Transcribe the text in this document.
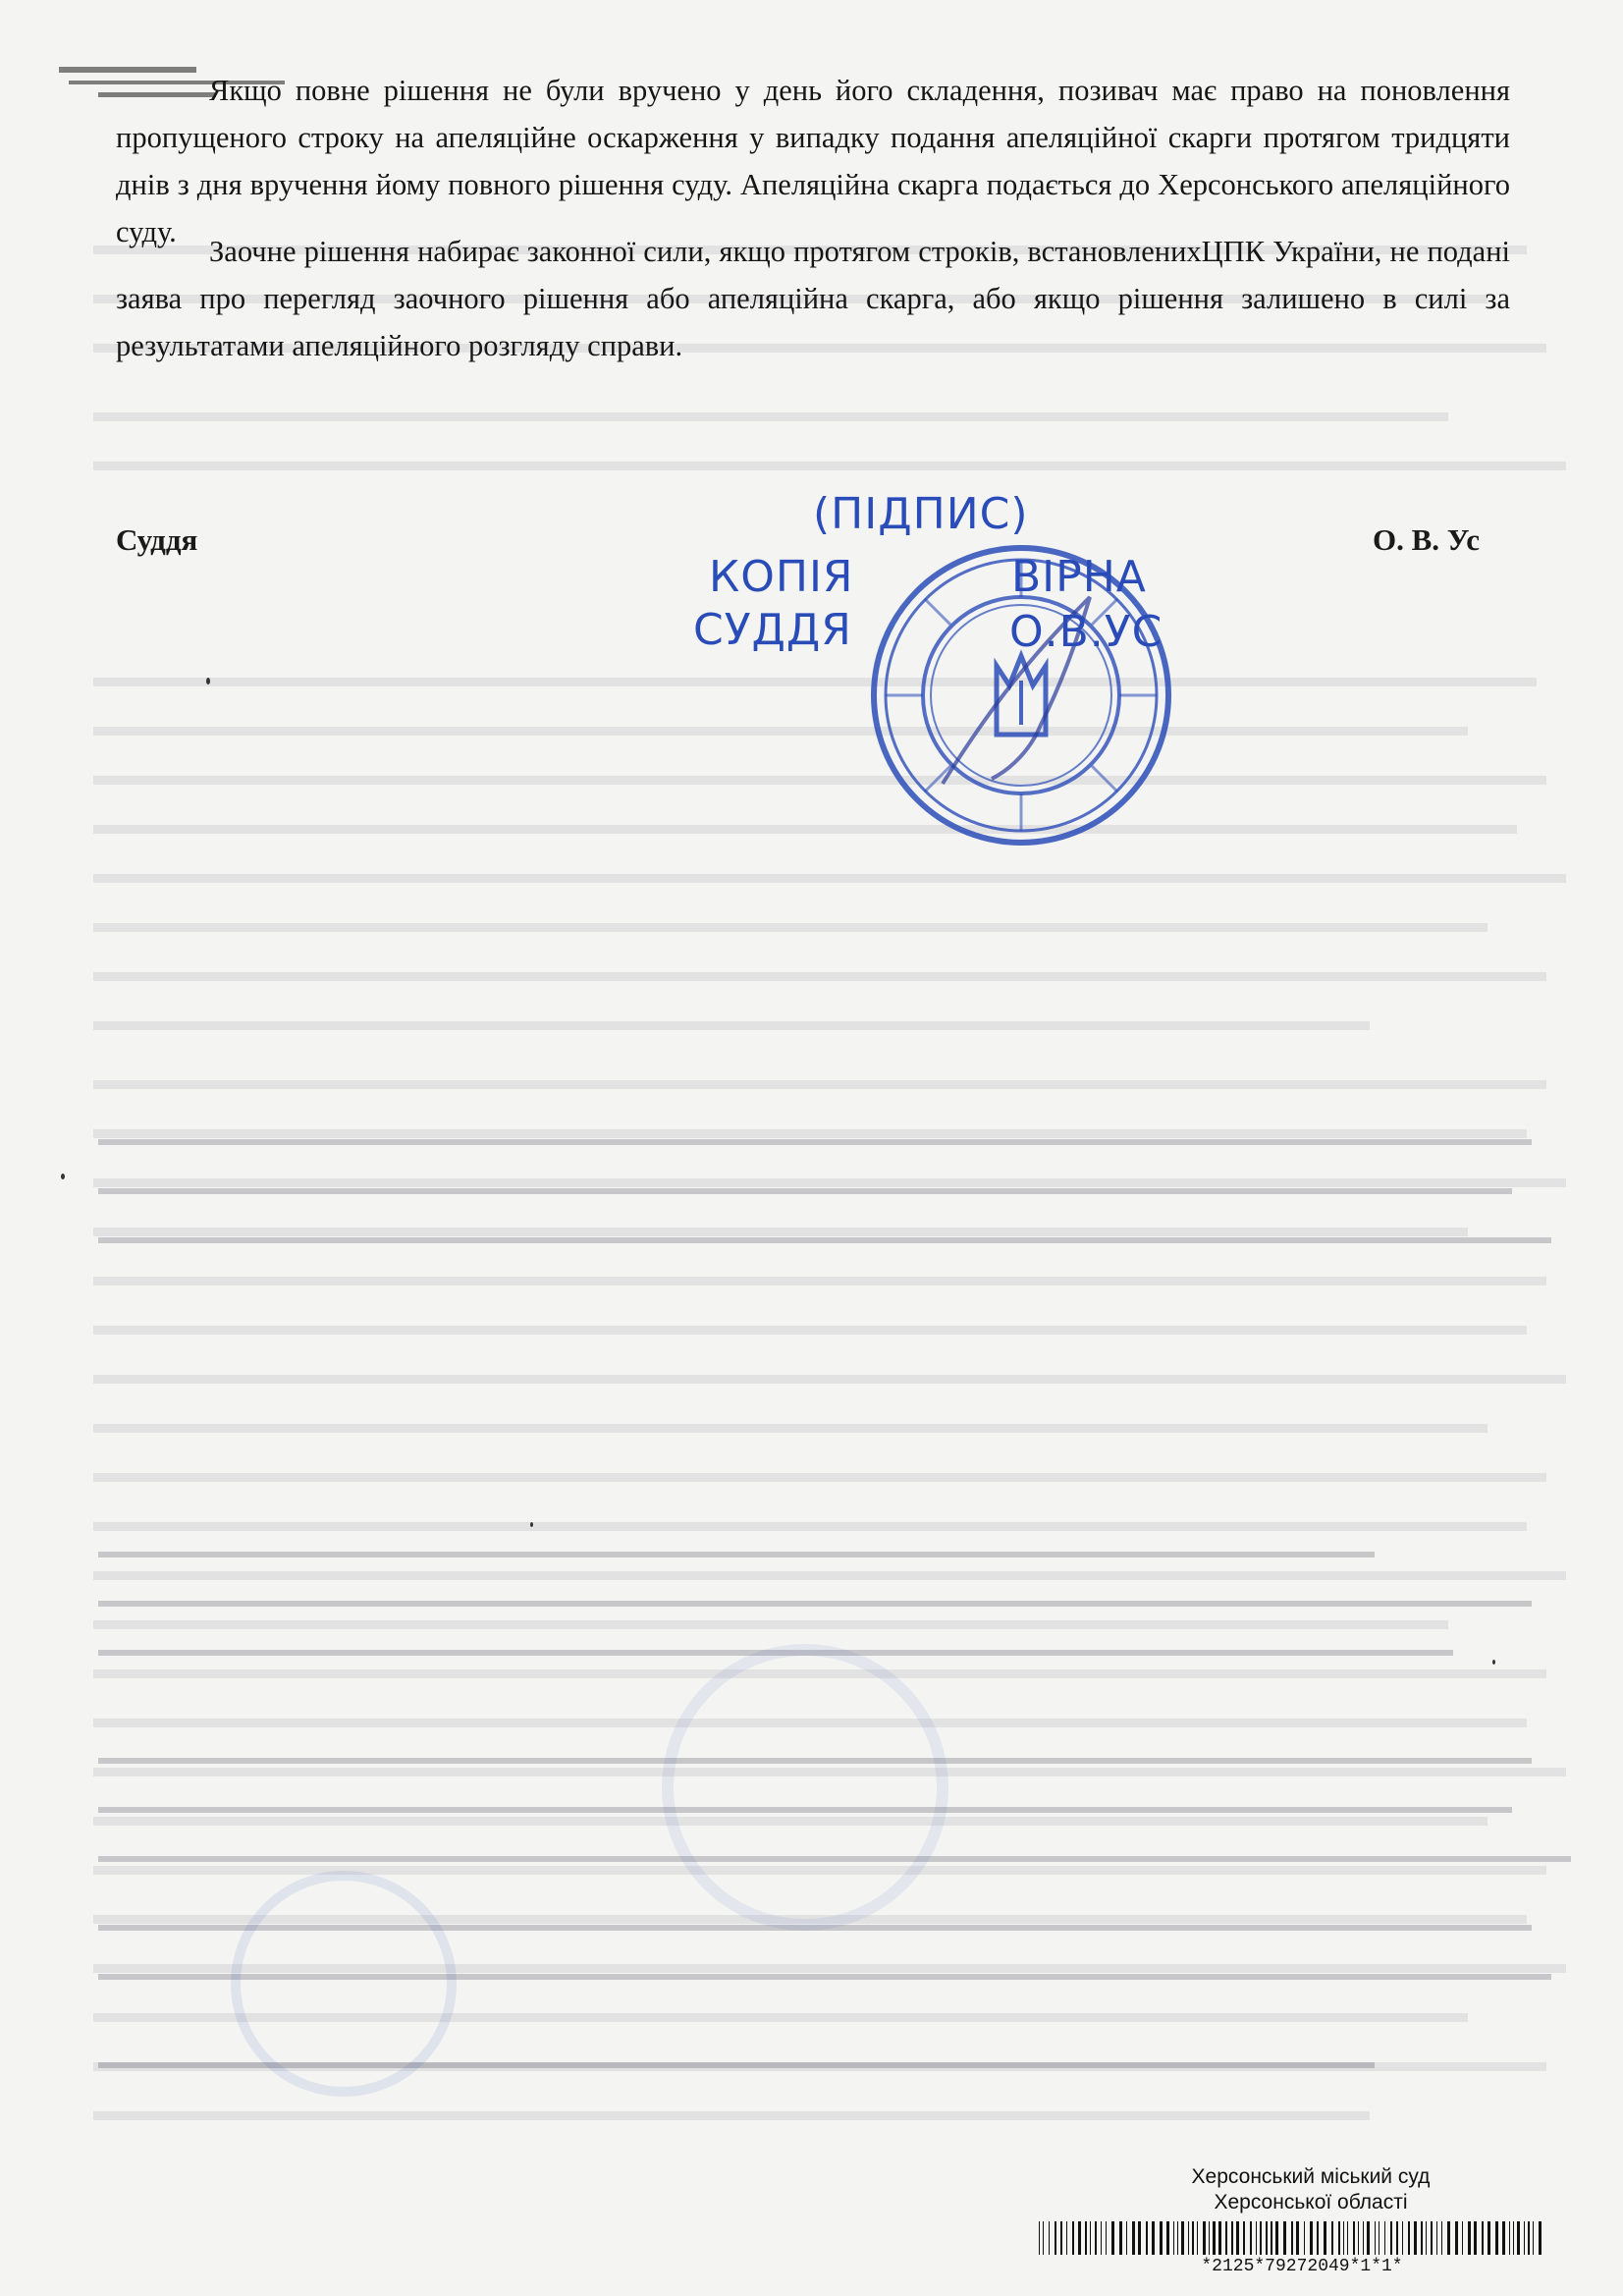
Якщо повне рішення не були вручено у день його складення, позивач має право на поновлення пропущеного строку на апеляційне оскарження у випадку подання апеляційної скарги протягом тридцяти днів з дня вручення йому повного рішення суду. Апеляційна скарга подається до Херсонського апеляційного суду.
Заочне рішення набирає законної сили, якщо протягом строків, встановленихЦПК України, не подані заява про перегляд заочного рішення або апеляційна скарга, або якщо рішення залишено в силі за результатами апеляційного розгляду справи.
Суддя	О. В. Ус
(ПІДПИС)
КОПІЯ	ВІРНА
СУДДЯ	О.В.УС
Херсонський міський суд
Херсонської області
*2125*79272049*1*1*
